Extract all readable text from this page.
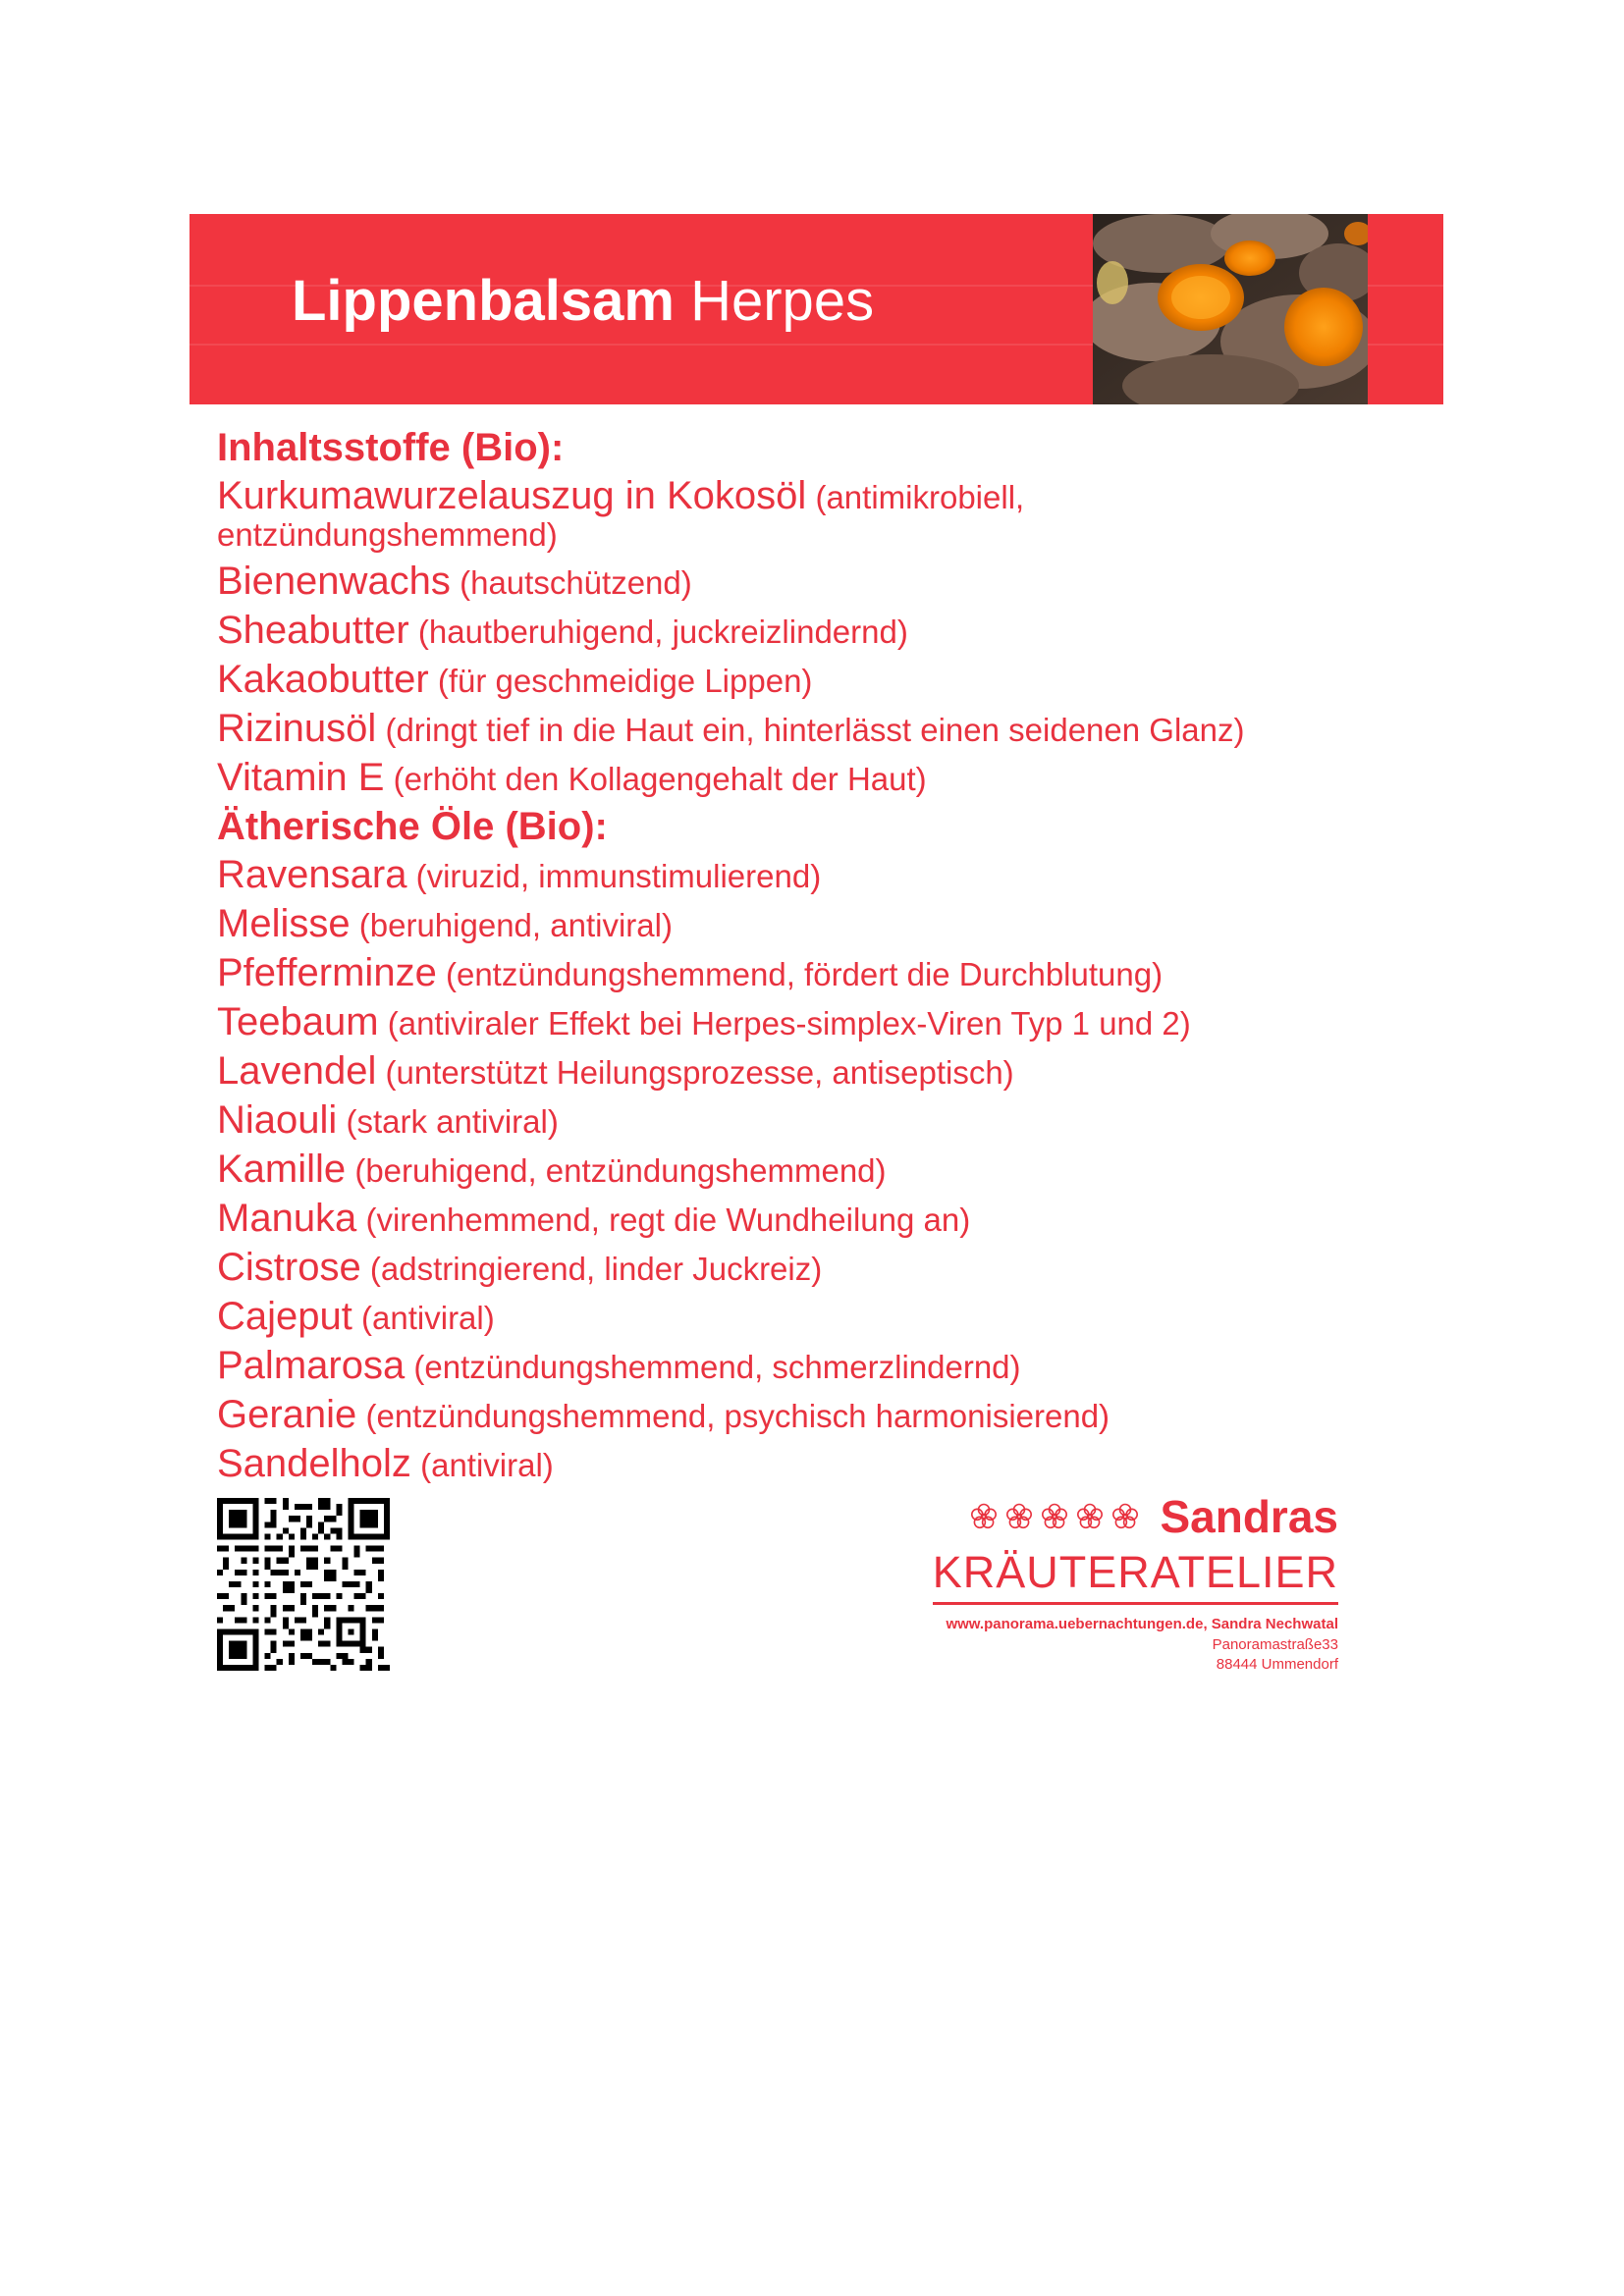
Lippenbalsam Herpes
Inhaltsstoffe (Bio):
Kurkumawurzelauszug in Kokosöl (antimikrobiell,
entzündungshemmend)
Bienenwachs (hautschützend)
Sheabutter (hautberuhigend, juckreizlindernd)
Kakaobutter (für geschmeidige Lippen)
Rizinusöl (dringt tief in die Haut ein, hinterlässt einen seidenen Glanz)
Vitamin E (erhöht den Kollagengehalt der Haut)
Ätherische Öle (Bio):
Ravensara (viruzid, immunstimulierend)
Melisse (beruhigend, antiviral)
Pfefferminze (entzündungshemmend, fördert die Durchblutung)
Teebaum (antiviraler Effekt bei Herpes-simplex-Viren Typ 1 und 2)
Lavendel (unterstützt Heilungsprozesse, antiseptisch)
Niaouli (stark antiviral)
Kamille (beruhigend, entzündungshemmend)
Manuka (virenhemmend, regt die Wundheilung an)
Cistrose (adstringierend, linder Juckreiz)
Cajeput (antiviral)
Palmarosa (entzündungshemmend, schmerzlindernd)
Geranie (entzündungshemmend, psychisch harmonisierend)
Sandelholz (antiviral)
Sandras
KRÄUTERATELIER
www.panorama.uebernachtungen.de, Sandra Nechwatal
Panoramastraße33
88444 Ummendorf
